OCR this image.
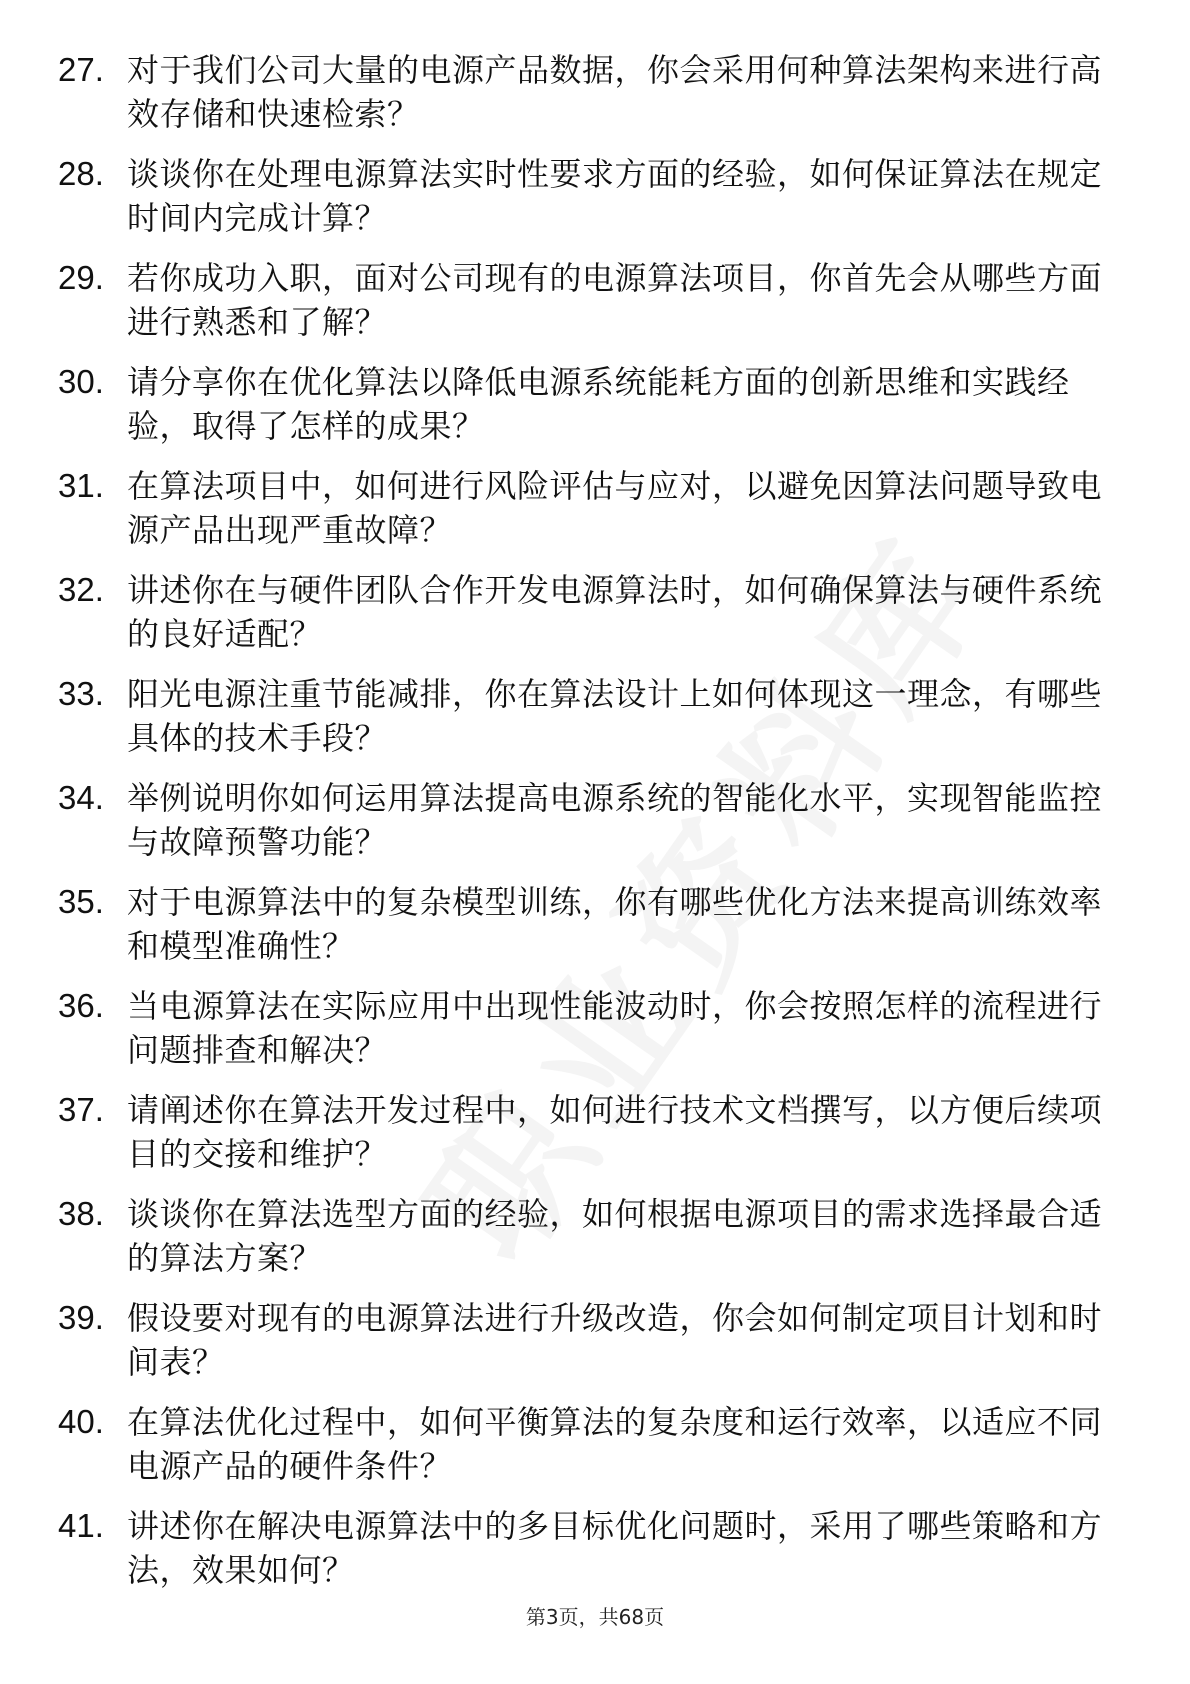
27. 对于我们公司大量的电源产品数据，你会采用何种算法架构来进行高效存储和快速检索？
28. 谈谈你在处理电源算法实时性要求方面的经验，如何保证算法在规定时间内完成计算？
29. 若你成功入职，面对公司现有的电源算法项目，你首先会从哪些方面进行熟悉和了解？
30. 请分享你在优化算法以降低电源系统能耗方面的创新思维和实践经验，取得了怎样的成果？
31. 在算法项目中，如何进行风险评估与应对，以避免因算法问题导致电源产品出现严重故障？
32. 讲述你在与硬件团队合作开发电源算法时，如何确保算法与硬件系统的良好适配？
33. 阳光电源注重节能减排，你在算法设计上如何体现这一理念，有哪些具体的技术手段？
34. 举例说明你如何运用算法提高电源系统的智能化水平，实现智能监控与故障预警功能？
35. 对于电源算法中的复杂模型训练，你有哪些优化方法来提高训练效率和模型准确性？
36. 当电源算法在实际应用中出现性能波动时，你会按照怎样的流程进行问题排查和解决？
37. 请阐述你在算法开发过程中，如何进行技术文档撰写，以方便后续项目的交接和维护？
38. 谈谈你在算法选型方面的经验，如何根据电源项目的需求选择最合适的算法方案？
39. 假设要对现有的电源算法进行升级改造，你会如何制定项目计划和时间表？
40. 在算法优化过程中，如何平衡算法的复杂度和运行效率，以适应不同电源产品的硬件条件？
41. 讲述你在解决电源算法中的多目标优化问题时，采用了哪些策略和方法，效果如何？
第3页，共68页
